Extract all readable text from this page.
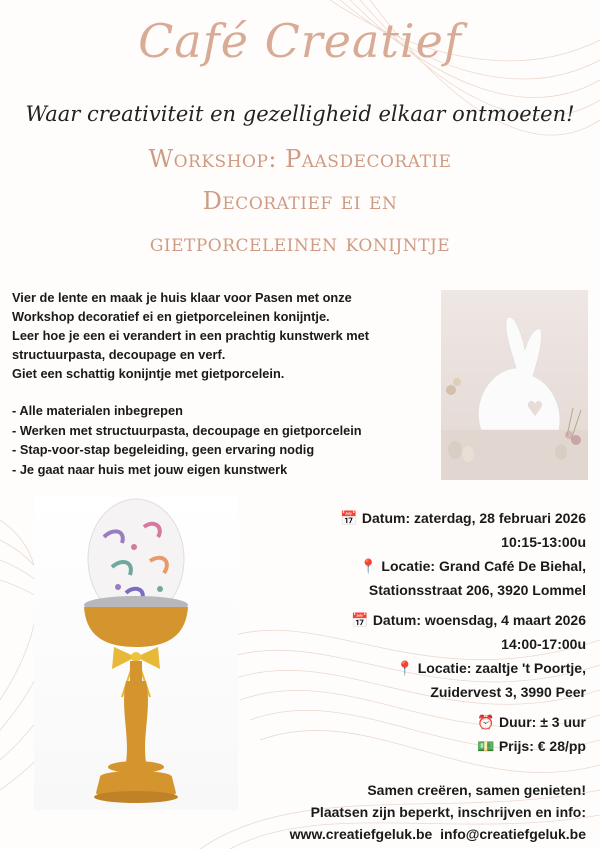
Café Creatief
Waar creativiteit en gezelligheid elkaar ontmoeten!
Workshop: Paasdecoratie
Decoratief ei en
gietporceleinen konijntje

Vier de lente en maak je huis klaar voor Pasen met onze

Workshop decoratief ei en gietporceleinen konijntje.

Leer hoe je een ei verandert in een prachtig kunstwerk met

structuurpasta, decoupage en verf.

Giet een schattig konijntje met gietporcelein.

- Alle materialen inbegrepen
- Werken met structuurpasta, decoupage en gietporcelein
- Stap-voor-stap begeleiding, geen ervaring nodig
- Je gaat naar huis met jouw eigen kunstwerk
📅 Datum: zaterdag, 28 februari 2026
10:15-13:00u
📍 Locatie: Grand Café De Biehal,
Stationsstraat 206, 3920 Lommel
📅 Datum: woensdag, 4 maart 2026
14:00-17:00u
📍 Locatie: zaaltje 't Poortje,
Zuidervest 3, 3990 Peer
⏰ Duur: ± 3 uur
💵 Prijs: € 28/pp
Samen creëren, samen genieten!
Plaatsen zijn beperkt, inschrijven en info:
www.creatiefgeluk.be info@creatiefgeluk.be
